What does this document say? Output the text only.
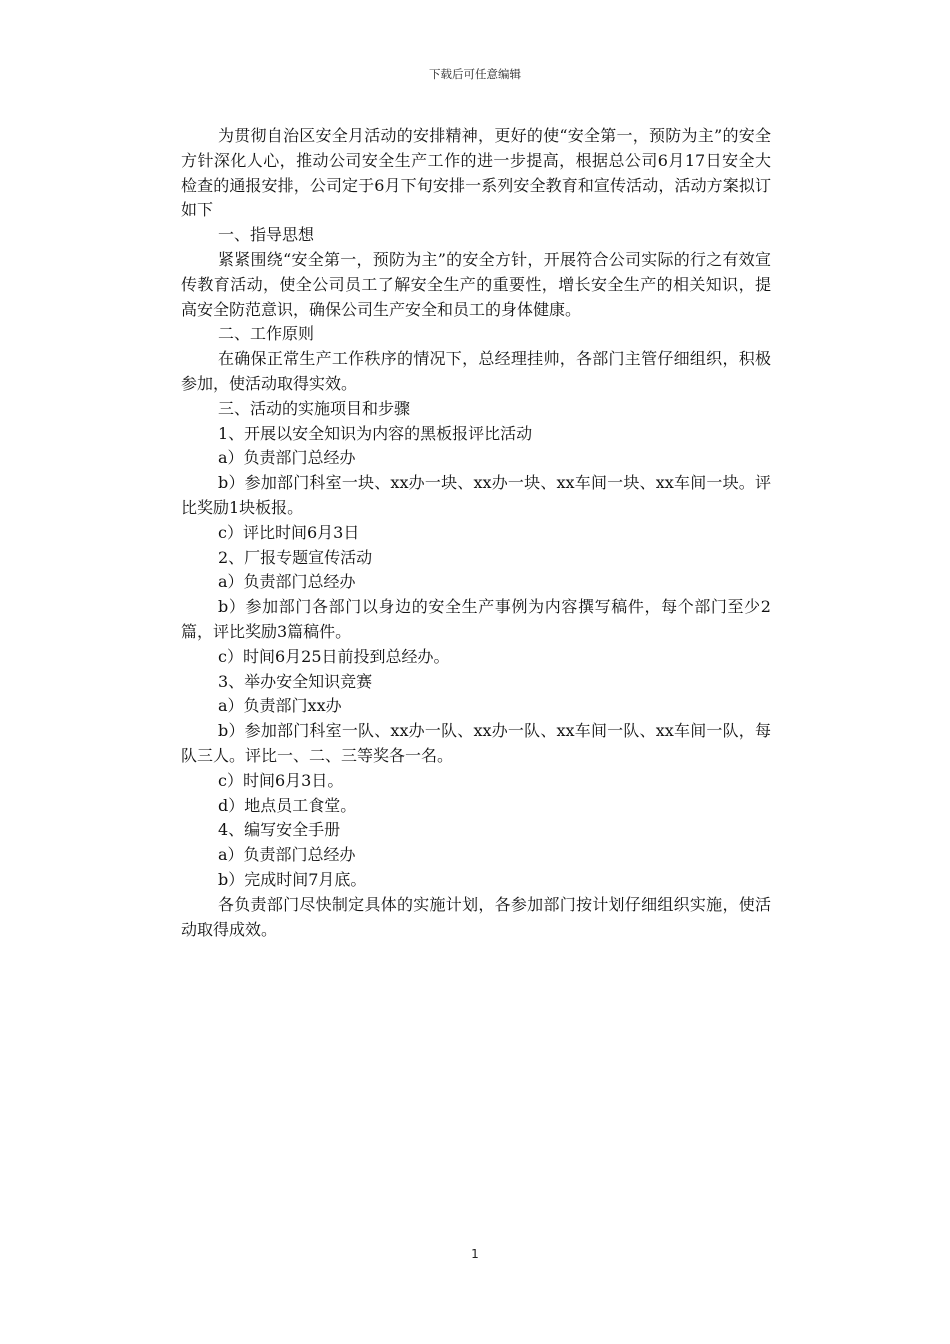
下载后可任意编辑

为贯彻自治区安全月活动的安排精神，更好的使“安全第一，预防为主”的安全方针深化人心，推动公司安全生产工作的进一步提高，根据总公司6月17日安全大检查的通报安排，公司定于6月下旬安排一系列安全教育和宣传活动，活动方案拟订如下

一、指导思想

紧紧围绕“安全第一，预防为主”的安全方针，开展符合公司实际的行之有效宣传教育活动，使全公司员工了解安全生产的重要性，增长安全生产的相关知识，提高安全防范意识，确保公司生产安全和员工的身体健康。

二、工作原则

在确保正常生产工作秩序的情况下，总经理挂帅，各部门主管仔细组织，积极参加，使活动取得实效。

三、活动的实施项目和步骤

1、开展以安全知识为内容的黑板报评比活动

a）负责部门总经办

b）参加部门科室一块、xx办一块、xx办一块、xx车间一块、xx车间一块。评比奖励1块板报。

c）评比时间6月3日

2、厂报专题宣传活动

a）负责部门总经办

b）参加部门各部门以身边的安全生产事例为内容撰写稿件，每个部门至少2篇，评比奖励3篇稿件。

c）时间6月25日前投到总经办。

3、举办安全知识竞赛

a）负责部门xx办

b）参加部门科室一队、xx办一队、xx办一队、xx车间一队、xx车间一队，每队三人。评比一、二、三等奖各一名。

c）时间6月3日。

d）地点员工食堂。

4、编写安全手册

a）负责部门总经办

b）完成时间7月底。

各负责部门尽快制定具体的实施计划，各参加部门按计划仔细组织实施，使活动取得成效。

1
